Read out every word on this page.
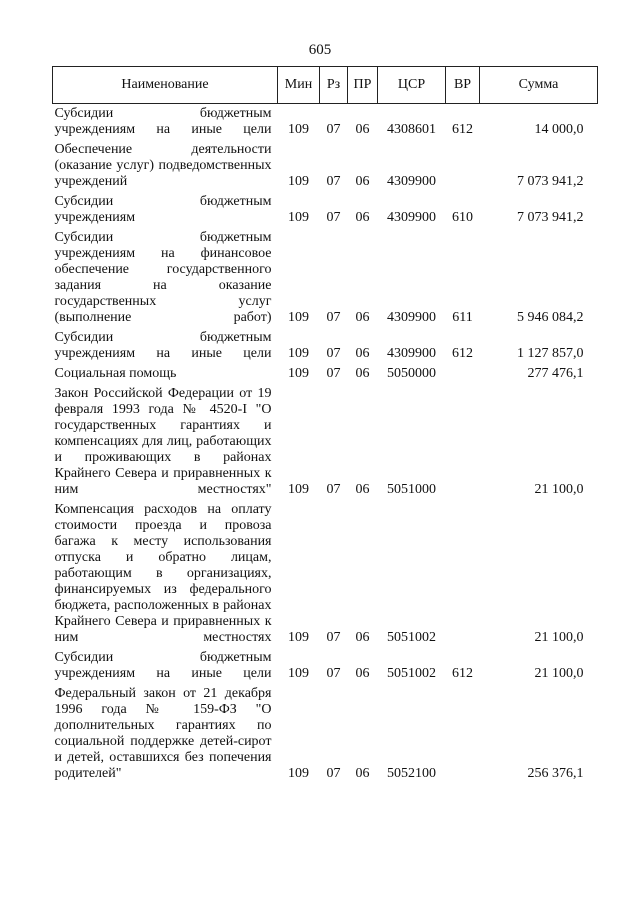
605
Наименование	Мин	Рз	ПР	ЦСР	ВР	Сумма
Субсидии бюджетным учреждениям на иные цели	109	07	06	4308601	612	14 000,0
Обеспечение деятельности (оказание услуг) подведомственных учреждений	109	07	06	4309900		7 073 941,2
Субсидии бюджетным учреждениям	109	07	06	4309900	610	7 073 941,2
Субсидии бюджетным учреждениям на финансовое обеспечение государственного задания на оказание государственных услуг (выполнение работ)	109	07	06	4309900	611	5 946 084,2
Субсидии бюджетным учреждениям на иные цели	109	07	06	4309900	612	1 127 857,0
Социальная помощь	109	07	06	5050000		277 476,1
Закон Российской Федерации от 19 февраля 1993 года № 4520-I "О государственных гарантиях и компенсациях для лиц, работающих и проживающих в районах Крайнего Севера и приравненных к ним местностях"	109	07	06	5051000		21 100,0
Компенсация расходов на оплату стоимости проезда и провоза багажа к месту использования отпуска и обратно лицам, работающим в организациях, финансируемых из федерального бюджета, расположенных в районах Крайнего Севера и приравненных к ним местностях	109	07	06	5051002		21 100,0
Субсидии бюджетным учреждениям на иные цели	109	07	06	5051002	612	21 100,0
Федеральный закон от 21 декабря 1996 года № 159-ФЗ "О дополнительных гарантиях по социальной поддержке детей-сирот и детей, оставшихся без попечения родителей"	109	07	06	5052100		256 376,1
